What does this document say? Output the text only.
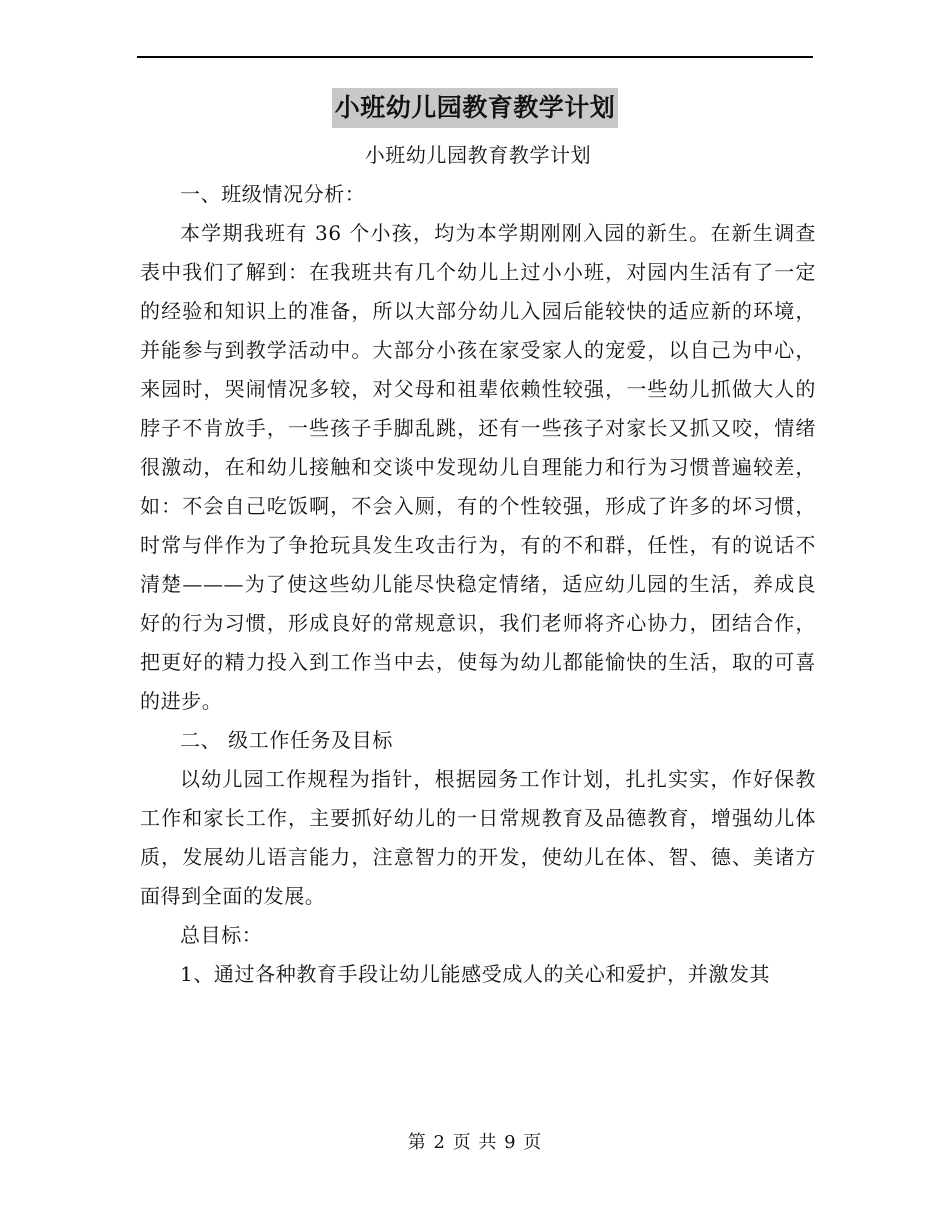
小班幼儿园教育教学计划

小班幼儿园教育教学计划

一、班级情况分析：

本学期我班有 36 个小孩，均为本学期刚刚入园的新生。在新生调查表中我们了解到：在我班共有几个幼儿上过小小班，对园内生活有了一定的经验和知识上的准备，所以大部分幼儿入园后能较快的适应新的环境，并能参与到教学活动中。大部分小孩在家受家人的宠爱，以自己为中心，来园时，哭闹情况多较，对父母和祖辈依赖性较强，一些幼儿抓做大人的脖子不肯放手，一些孩子手脚乱跳，还有一些孩子对家长又抓又咬，情绪很激动，在和幼儿接触和交谈中发现幼儿自理能力和行为习惯普遍较差，如：不会自己吃饭啊，不会入厕，有的个性较强，形成了许多的坏习惯，时常与伴作为了争抢玩具发生攻击行为，有的不和群，任性，有的说话不清楚———为了使这些幼儿能尽快稳定情绪，适应幼儿园的生活，养成良好的行为习惯，形成良好的常规意识，我们老师将齐心协力，团结合作，把更好的精力投入到工作当中去，使每为幼儿都能愉快的生活，取的可喜的进步。

二、 级工作任务及目标

以幼儿园工作规程为指针，根据园务工作计划，扎扎实实，作好保教工作和家长工作，主要抓好幼儿的一日常规教育及品德教育，增强幼儿体质，发展幼儿语言能力，注意智力的开发，使幼儿在体、智、德、美诸方面得到全面的发展。

总目标：

1、通过各种教育手段让幼儿能感受成人的关心和爱护，并激发其

第 2 页 共 9 页
